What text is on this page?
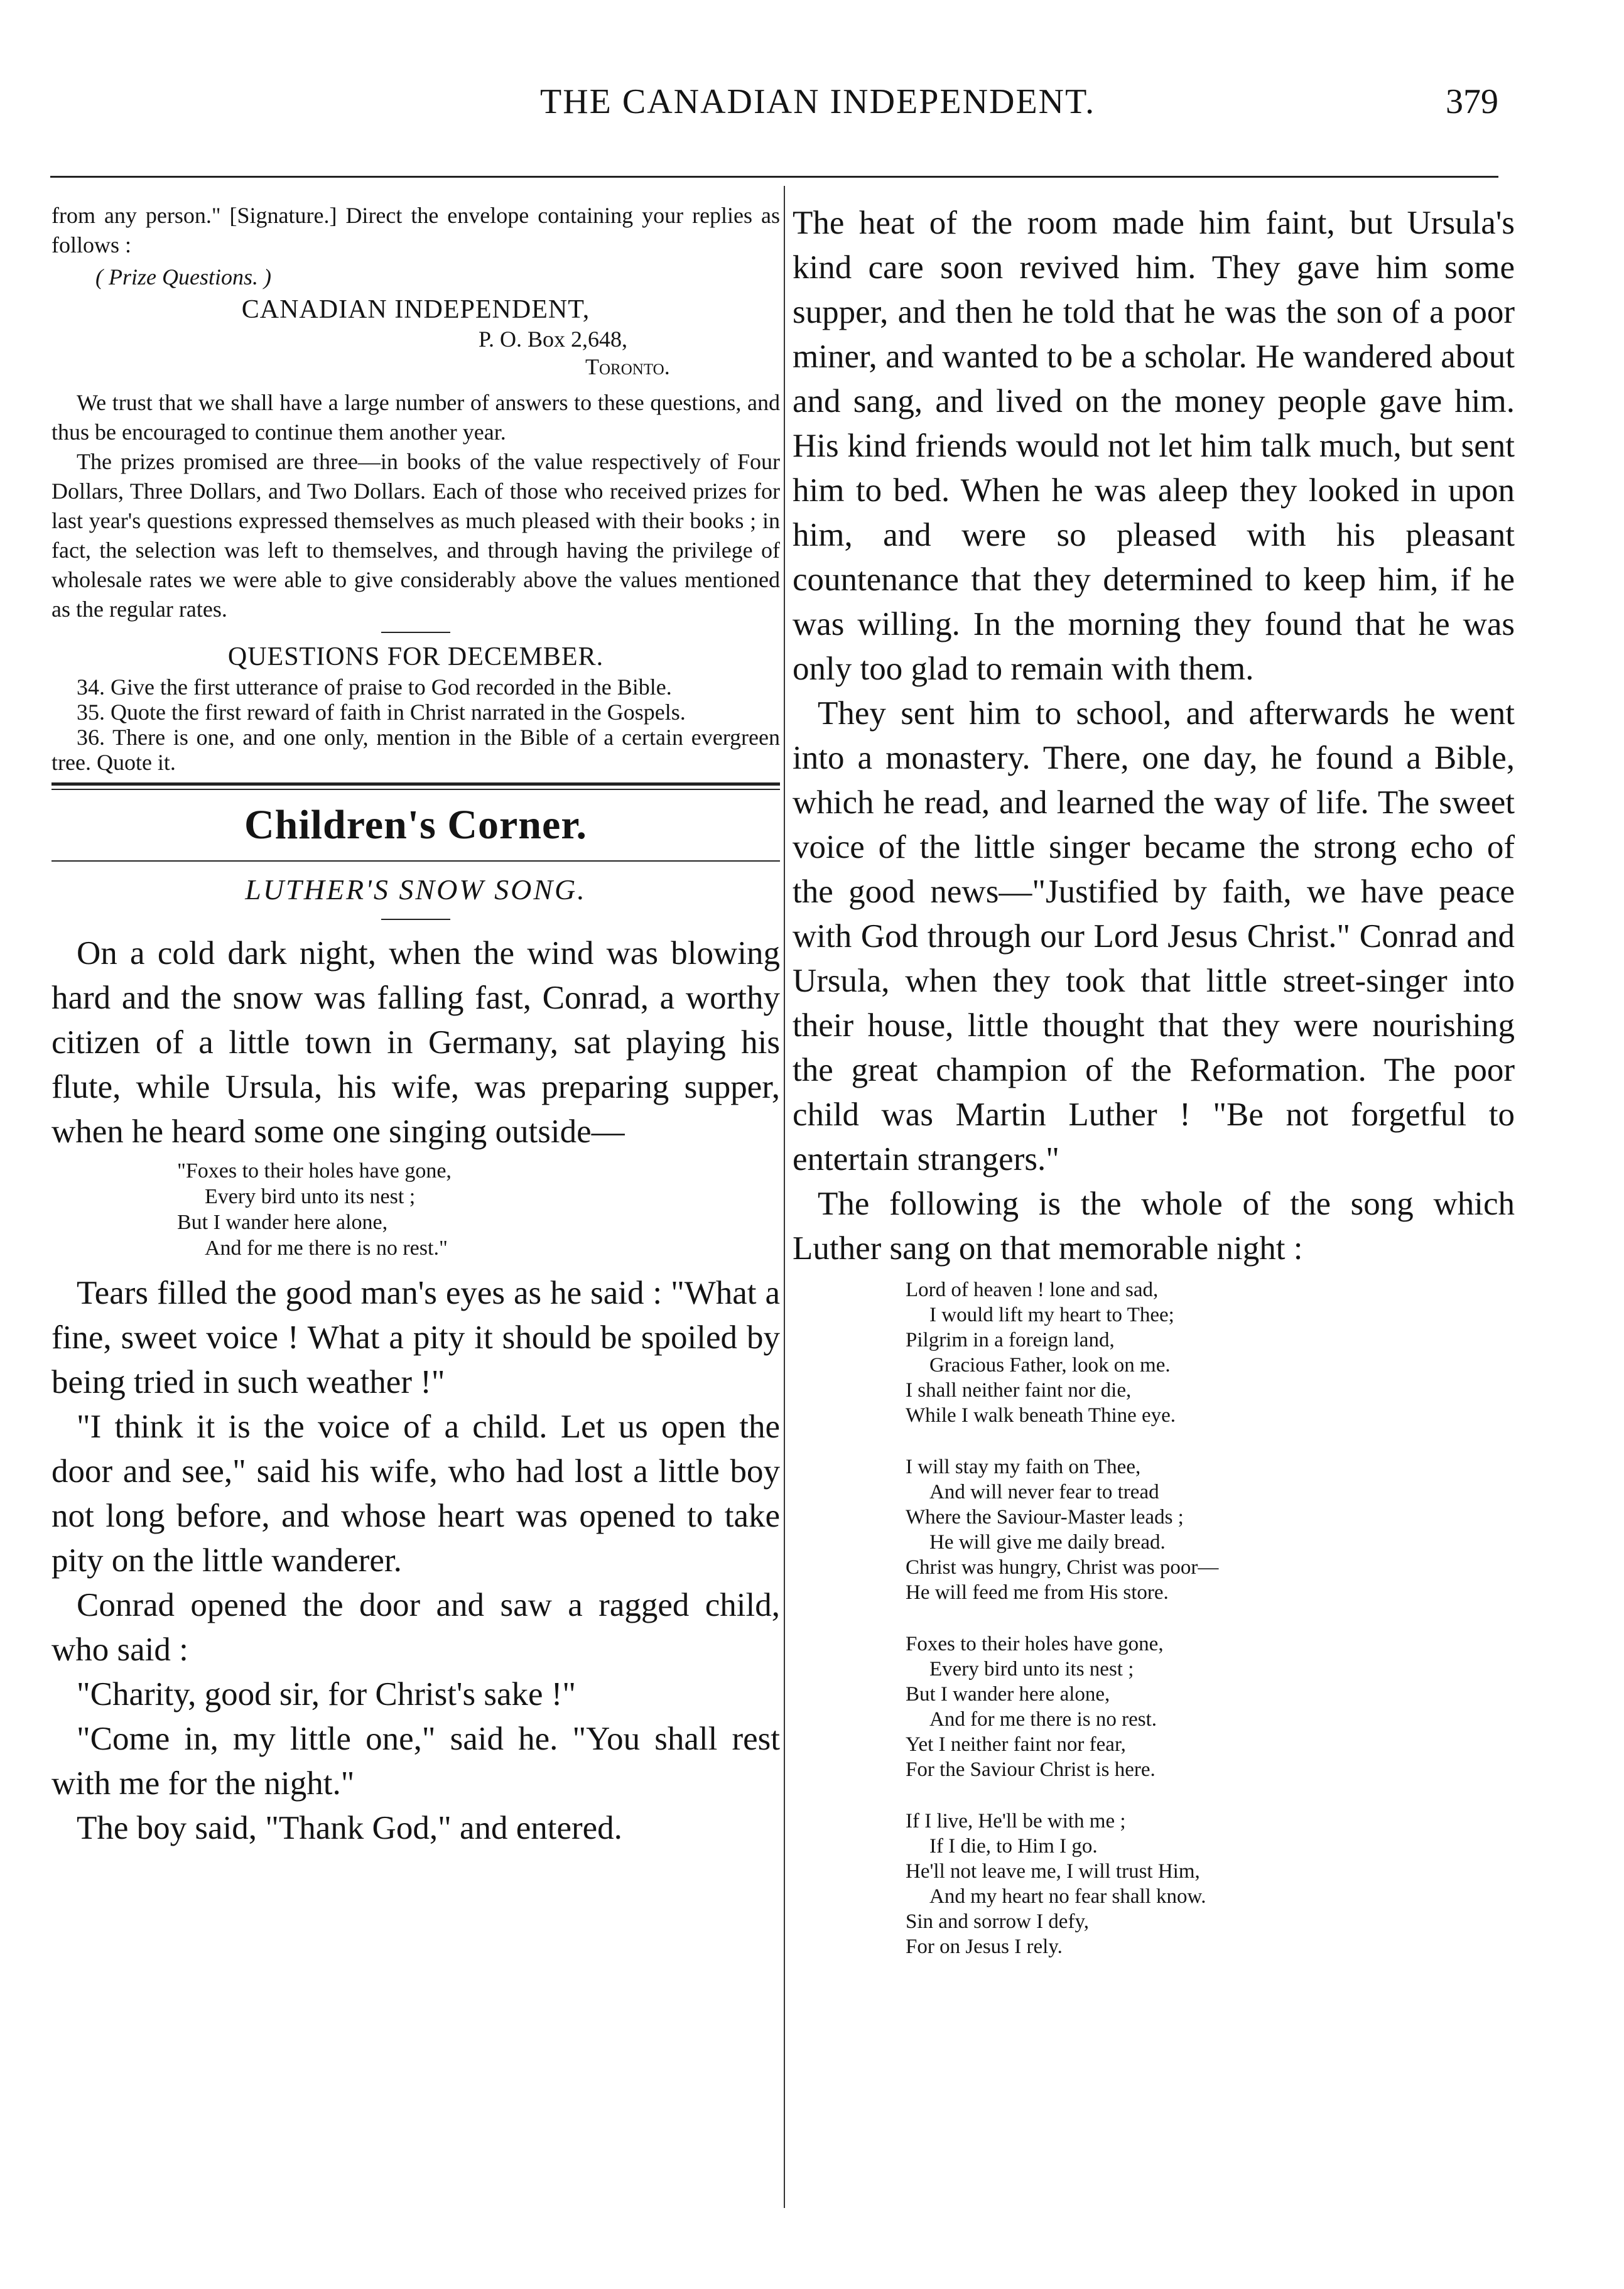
THE CANADIAN INDEPENDENT.	379

from any person." [Signature.] Direct the envelope containing your replies as follows :

( Prize Questions. )
CANADIAN INDEPENDENT,
P. O. Box 2,648,
Toronto.

We trust that we shall have a large number of answers to these questions, and thus be encouraged to continue them another year.

The prizes promised are three—in books of the value respectively of Four Dollars, Three Dollars, and Two Dollars. Each of those who received prizes for last year's questions expressed themselves as much pleased with their books ; in fact, the selection was left to themselves, and through having the privilege of wholesale rates we were able to give considerably above the values mentioned as the regular rates.

QUESTIONS FOR DECEMBER.
34. Give the first utterance of praise to God recorded in the Bible.
35. Quote the first reward of faith in Christ narrated in the Gospels.
36. There is one, and one only, mention in the Bible of a certain evergreen tree. Quote it.
Children's Corner.
LUTHER'S SNOW SONG.

On a cold dark night, when the wind was blowing hard and the snow was falling fast, Conrad, a worthy citizen of a little town in Germany, sat playing his flute, while Ursula, his wife, was preparing supper, when he heard some one singing outside—

"Foxes to their holes have gone,
Every bird unto its nest ;
But I wander here alone,
And for me there is no rest."

Tears filled the good man's eyes as he said : "What a fine, sweet voice ! What a pity it should be spoiled by being tried in such weather !"

"I think it is the voice of a child. Let us open the door and see," said his wife, who had lost a little boy not long before, and whose heart was opened to take pity on the little wanderer.

Conrad opened the door and saw a ragged child, who said :

"Charity, good sir, for Christ's sake !"

"Come in, my little one," said he. "You shall rest with me for the night."

The boy said, "Thank God," and entered.

The heat of the room made him faint, but Ursula's kind care soon revived him. They gave him some supper, and then he told that he was the son of a poor miner, and wanted to be a scholar. He wandered about and sang, and lived on the money people gave him. His kind friends would not let him talk much, but sent him to bed. When he was aleep they looked in upon him, and were so pleased with his pleasant countenance that they determined to keep him, if he was willing. In the morning they found that he was only too glad to remain with them.

They sent him to school, and afterwards he went into a monastery. There, one day, he found a Bible, which he read, and learned the way of life. The sweet voice of the little singer became the strong echo of the good news—"Justified by faith, we have peace with God through our Lord Jesus Christ." Conrad and Ursula, when they took that little street-singer into their house, little thought that they were nourishing the great champion of the Reformation. The poor child was Martin Luther ! "Be not forgetful to entertain strangers."

The following is the whole of the song which Luther sang on that memorable night :

Lord of heaven ! lone and sad,
I would lift my heart to Thee;
Pilgrim in a foreign land,
Gracious Father, look on me.
I shall neither faint nor die,
While I walk beneath Thine eye.
I will stay my faith on Thee,
And will never fear to tread
Where the Saviour-Master leads ;
He will give me daily bread.
Christ was hungry, Christ was poor—
He will feed me from His store.
Foxes to their holes have gone,
Every bird unto its nest ;
But I wander here alone,
And for me there is no rest.
Yet I neither faint nor fear,
For the Saviour Christ is here.
If I live, He'll be with me ;
If I die, to Him I go.
He'll not leave me, I will trust Him,
And my heart no fear shall know.
Sin and sorrow I defy,
For on Jesus I rely.
